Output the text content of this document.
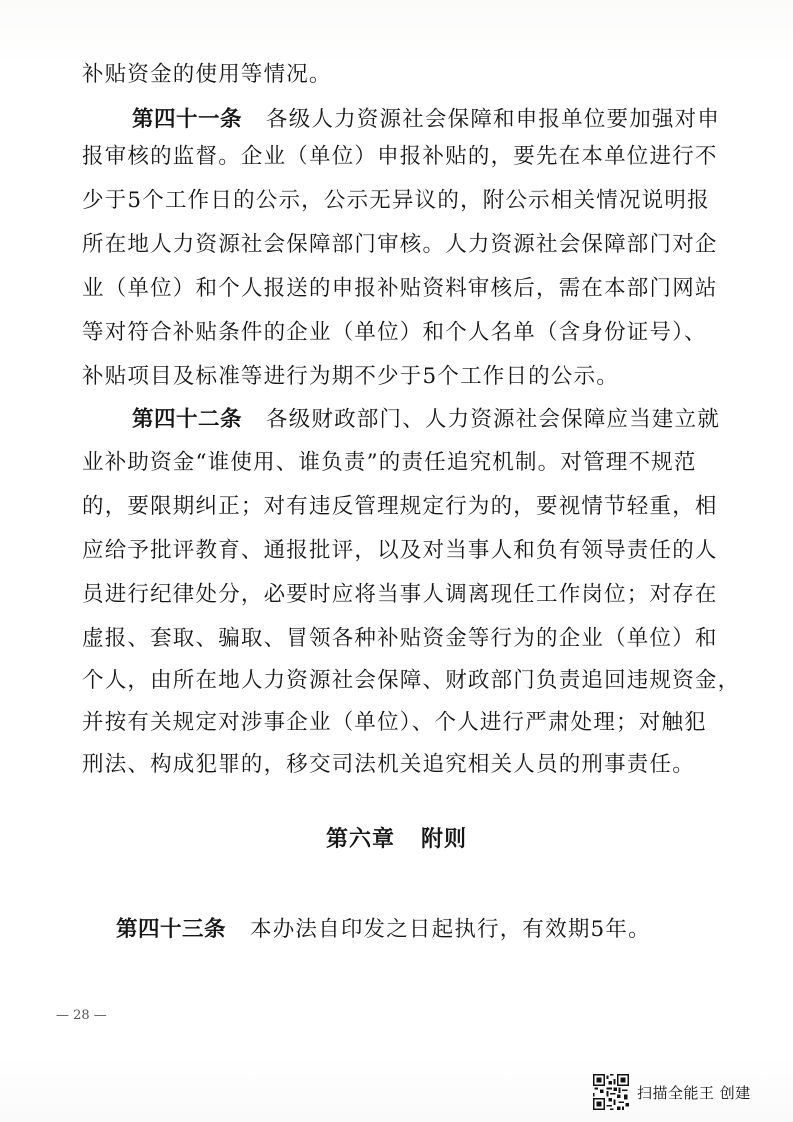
补贴资金的使用等情况。
第四十一条 各级人力资源社会保障和申报单位要加强对申
报审核的监督。企业（单位）申报补贴的，要先在本单位进行不
少于5个工作日的公示，公示无异议的，附公示相关情况说明报
所在地人力资源社会保障部门审核。人力资源社会保障部门对企
业（单位）和个人报送的申报补贴资料审核后，需在本部门网站
等对符合补贴条件的企业（单位）和个人名单（含身份证号）、
补贴项目及标准等进行为期不少于5个工作日的公示。
第四十二条 各级财政部门、人力资源社会保障应当建立就
业补助资金“谁使用、谁负责”的责任追究机制。对管理不规范
的，要限期纠正；对有违反管理规定行为的，要视情节轻重，相
应给予批评教育、通报批评，以及对当事人和负有领导责任的人
员进行纪律处分，必要时应将当事人调离现任工作岗位；对存在
虚报、套取、骗取、冒领各种补贴资金等行为的企业（单位）和
个人，由所在地人力资源社会保障、财政部门负责追回违规资金，
并按有关规定对涉事企业（单位）、个人进行严肃处理；对触犯
刑法、构成犯罪的，移交司法机关追究相关人员的刑事责任。
第六章 附则
第四十三条 本办法自印发之日起执行，有效期5年。
— 28 —
扫描全能王 创建
